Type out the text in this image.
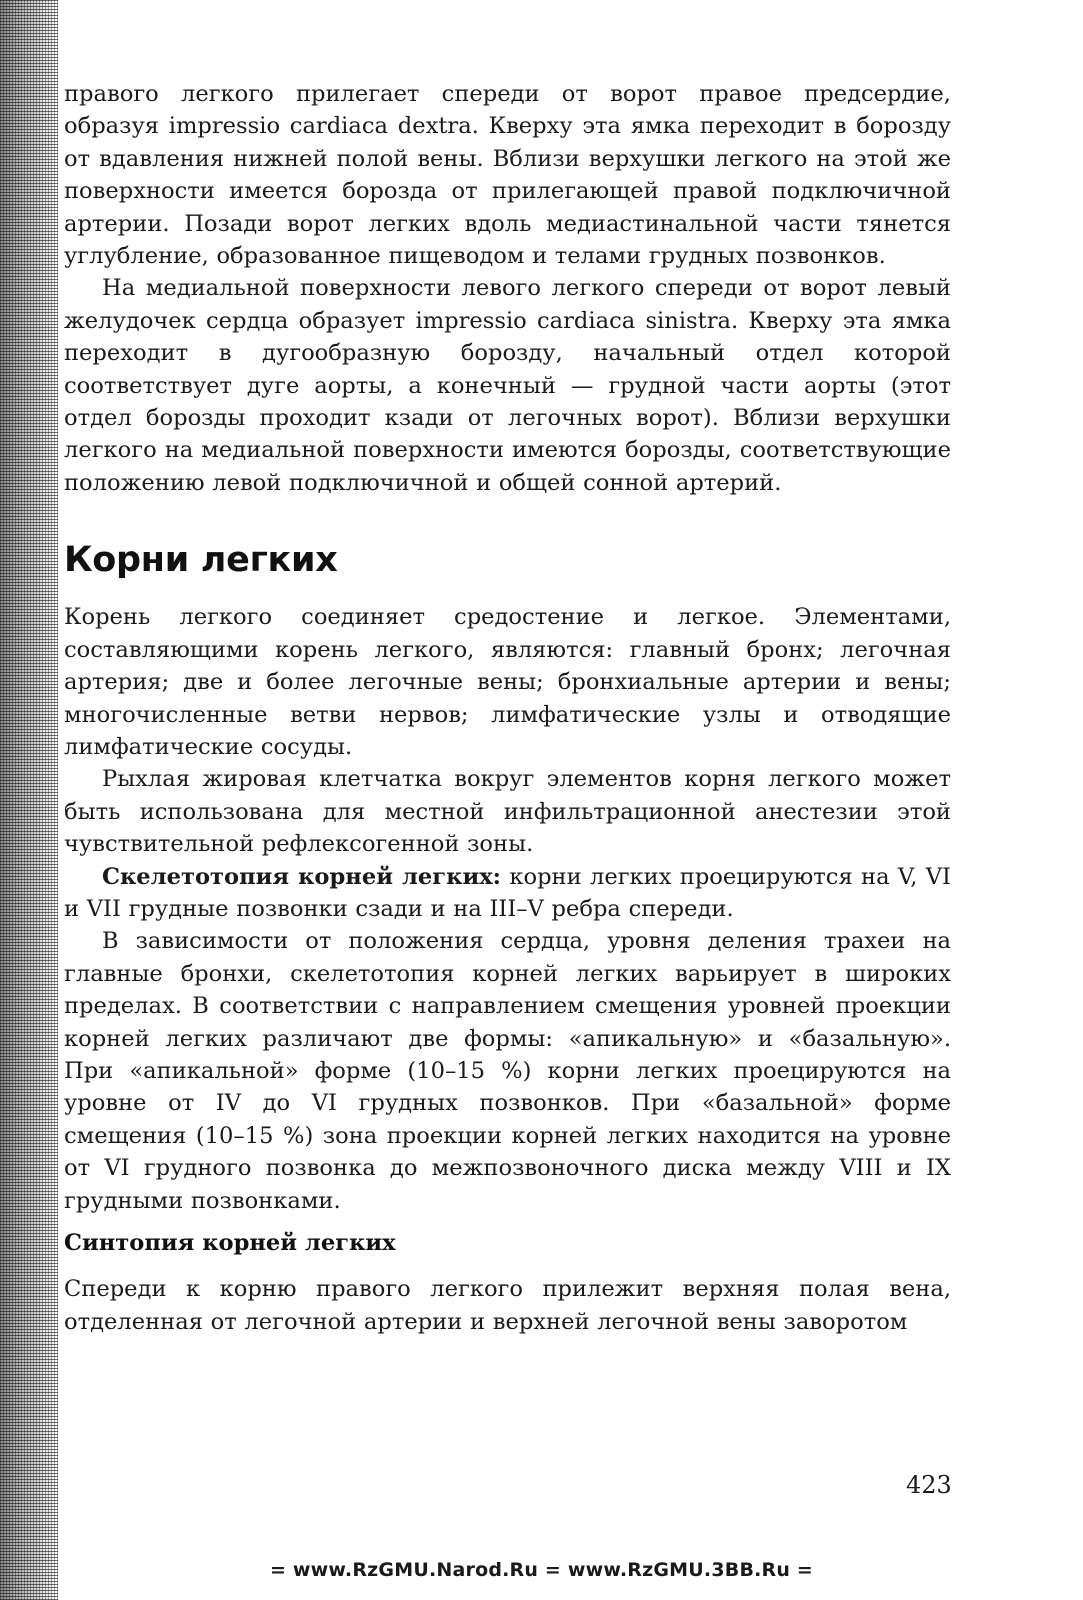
правого легкого прилегает спереди от ворот правое предсердие, образуя impressio cardiaca dextra. Кверху эта ямка переходит в борозду от вдавления нижней полой вены. Вблизи верхушки легкого на этой же поверхности имеется борозда от прилегающей правой подключичной артерии. Позади ворот легких вдоль медиастинальной части тянется углубление, образованное пищеводом и телами грудных позвонков.

На медиальной поверхности левого легкого спереди от ворот левый желудочек сердца образует impressio cardiaca sinistra. Кверху эта ямка переходит в дугообразную борозду, начальный отдел которой соответствует дуге аорты, а конечный — грудной части аорты (этот отдел борозды проходит кзади от легочных ворот). Вблизи верхушки легкого на медиальной поверхности имеются борозды, соответствующие положению левой подключичной и общей сонной артерий.

Корни легких

Корень легкого соединяет средостение и легкое. Элементами, составляющими корень легкого, являются: главный бронх; легочная артерия; две и более легочные вены; бронхиальные артерии и вены; многочисленные ветви нервов; лимфатические узлы и отводящие лимфатические сосуды.

Рыхлая жировая клетчатка вокруг элементов корня легкого может быть использована для местной инфильтрационной анестезии этой чувствительной рефлексогенной зоны.

Скелетотопия корней легких: корни легких проецируются на V, VI и VII грудные позвонки сзади и на III–V ребра спереди.

В зависимости от положения сердца, уровня деления трахеи на главные бронхи, скелетотопия корней легких варьирует в широких пределах. В соответствии с направлением смещения уровней проекции корней легких различают две формы: «апикальную» и «базальную». При «апикальной» форме (10–15 %) корни легких проецируются на уровне от IV до VI грудных позвонков. При «базальной» форме смещения (10–15 %) зона проекции корней легких находится на уровне от VI грудного позвонка до межпозвоночного диска между VIII и IX грудными позвонками.

Синтопия корней легких

Спереди к корню правого легкого прилежит верхняя полая вена, отделенная от легочной артерии и верхней легочной вены заворотом

423
= www.RzGMU.Narod.Ru = www.RzGMU.3BB.Ru =
